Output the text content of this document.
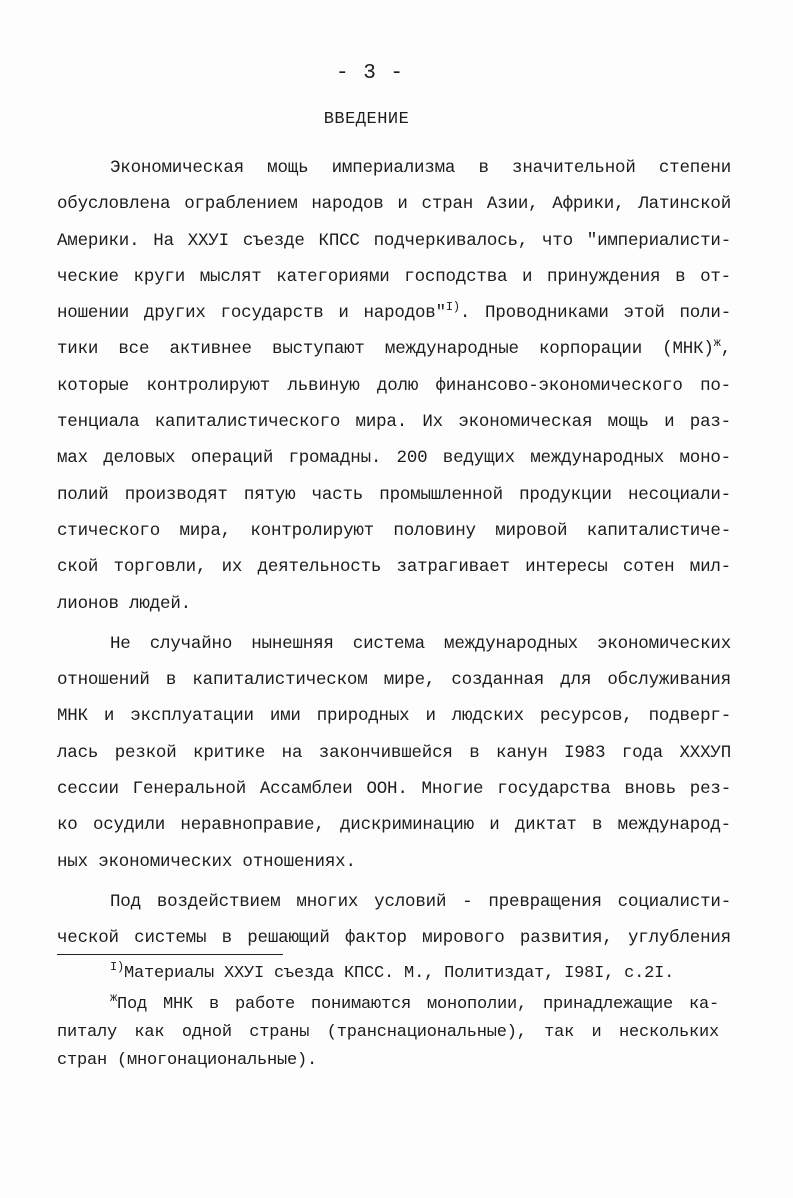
- 3 -
ВВЕДЕНИЕ
Экономическая мощь империализма в значительной степени
обусловлена ограблением народов и стран Азии, Африки, Латинской
Америки. На XXУI съезде КПСС подчеркивалось, что "империалисти-
ческие круги мыслят категориями господства и принуждения в от-
ношении других государств и народов"$^{I)}$. Проводниками этой поли-
тики все активнее выступают международные корпорации (МНК)$^ж$,
которые контролируют львиную долю финансово-экономического по-
тенциала капиталистического мира. Их экономическая мощь и раз-
мах деловых операций громадны. 200 ведущих международных моно-
полий производят пятую часть промышленной продукции несоциали-
стического мира, контролируют половину мировой капиталистиче-
ской торговли, их деятельность затрагивает интересы сотен мил-
лионов людей.
Не случайно нынешняя система международных экономических
отношений в капиталистическом мире, созданная для обслуживания
МНК и эксплуатации ими природных и людских ресурсов, подверг-
лась резкой критике на закончившейся в канун I983 года XXXУП
сессии Генеральной Ассамблеи ООН. Многие государства вновь рез-
ко осудили неравноправие, дискриминацию и диктат в международ-
ных экономических отношениях.
Под воздействием многих условий - превращения социалисти-
ческой системы в решающий фактор мирового развития, углубления
$^{I)}$Материалы XXУI съезда КПСС. М., Политиздат, I98I, с.2I.
$^ж$Под МНК в работе понимаются монополии, принадлежащие ка-
питалу как одной страны (транснациональные), так и нескольких
стран (многонациональные).
